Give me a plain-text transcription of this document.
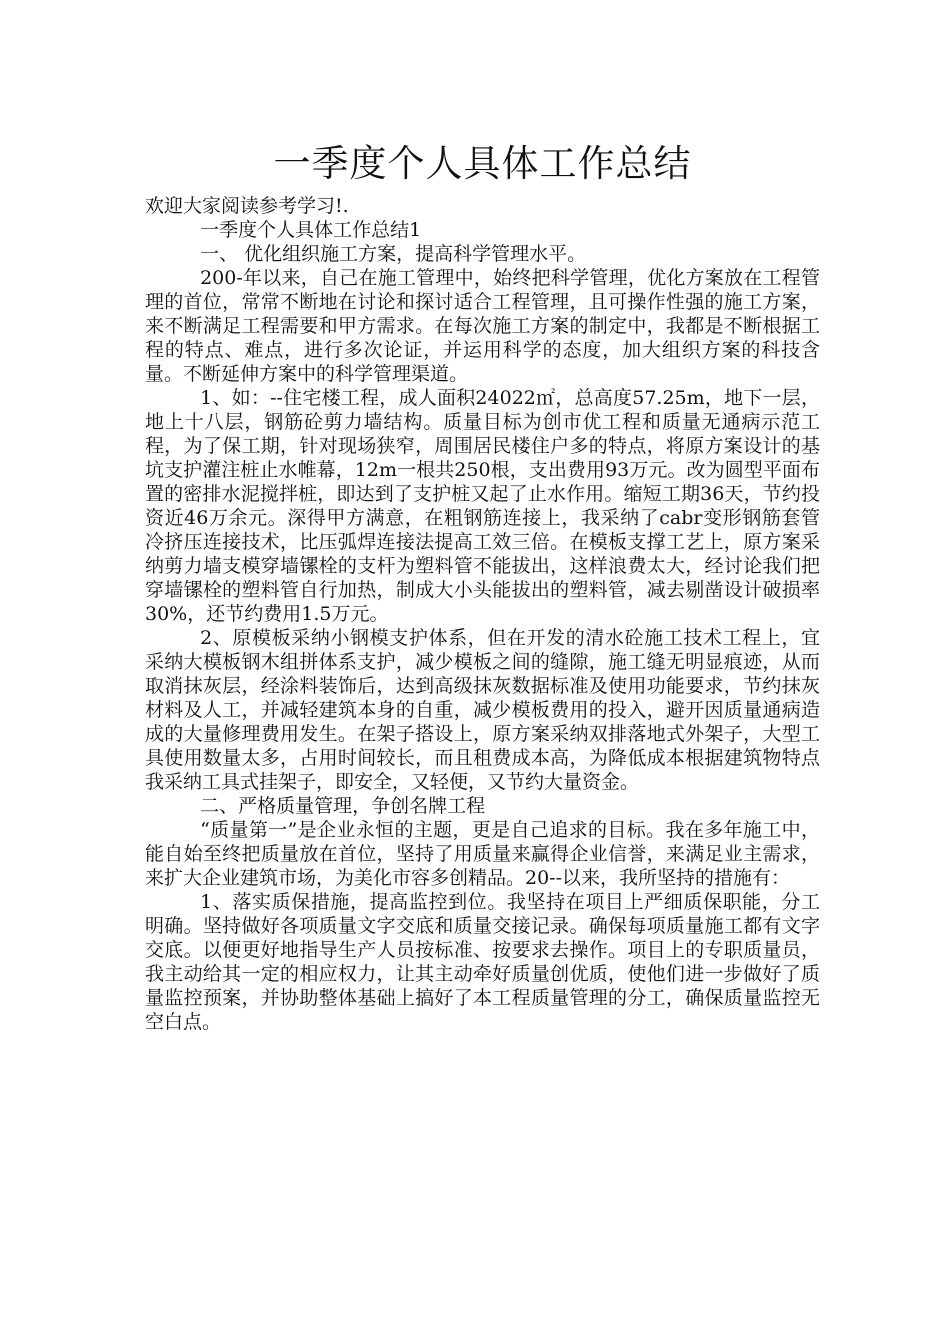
一季度个人具体工作总结

欢迎大家阅读参考学习!.

一季度个人具体工作总结1

一、 优化组织施工方案，提高科学管理水平。

200-年以来，自己在施工管理中，始终把科学管理，优化方案放在工程管理的首位，常常不断地在讨论和探讨适合工程管理，且可操作性强的施工方案，来不断满足工程需要和甲方需求。在每次施工方案的制定中，我都是不断根据工程的特点、难点，进行多次论证，并运用科学的态度，加大组织方案的科技含量。不断延伸方案中的科学管理渠道。

1、如：--住宅楼工程，成人面积24022㎡，总高度57.25m，地下一层，地上十八层，钢筋砼剪力墙结构。质量目标为创市优工程和质量无通病示范工程，为了保工期，针对现场狭窄，周围居民楼住户多的特点，将原方案设计的基坑支护灌注桩止水帷幕，12m一根共250根，支出费用93万元。改为圆型平面布置的密排水泥搅拌桩，即达到了支护桩又起了止水作用。缩短工期36天，节约投资近46万余元。深得甲方满意，在粗钢筋连接上，我采纳了cabr变形钢筋套管冷挤压连接技术，比压弧焊连接法提高工效三倍。在模板支撑工艺上，原方案采纳剪力墙支模穿墙镙栓的支杆为塑料管不能拔出，这样浪费太大，经讨论我们把穿墙镙栓的塑料管自行加热，制成大小头能拔出的塑料管，减去剔凿设计破损率30%，还节约费用1.5万元。

2、原模板采纳小钢模支护体系，但在开发的清水砼施工技术工程上，宜采纳大模板钢木组拼体系支护，减少模板之间的缝隙，施工缝无明显痕迹，从而取消抹灰层，经涂料装饰后，达到高级抹灰数据标准及使用功能要求，节约抹灰材料及人工，并减轻建筑本身的自重，减少模板费用的投入，避开因质量通病造成的大量修理费用发生。在架子搭设上，原方案采纳双排落地式外架子，大型工具使用数量太多，占用时间较长，而且租费成本高，为降低成本根据建筑物特点我采纳工具式挂架子，即安全，又轻便，又节约大量资金。

二、严格质量管理，争创名牌工程

“质量第一”是企业永恒的主题，更是自己追求的目标。我在多年施工中，能自始至终把质量放在首位，坚持了用质量来赢得企业信誉，来满足业主需求，来扩大企业建筑市场，为美化市容多创精品。20--以来，我所坚持的措施有：

1、落实质保措施，提高监控到位。我坚持在项目上严细质保职能，分工明确。坚持做好各项质量文字交底和质量交接记录。确保每项质量施工都有文字交底。以便更好地指导生产人员按标准、按要求去操作。项目上的专职质量员，我主动给其一定的相应权力，让其主动牵好质量创优质，使他们进一步做好了质量监控预案，并协助整体基础上搞好了本工程质量管理的分工，确保质量监控无空白点。
